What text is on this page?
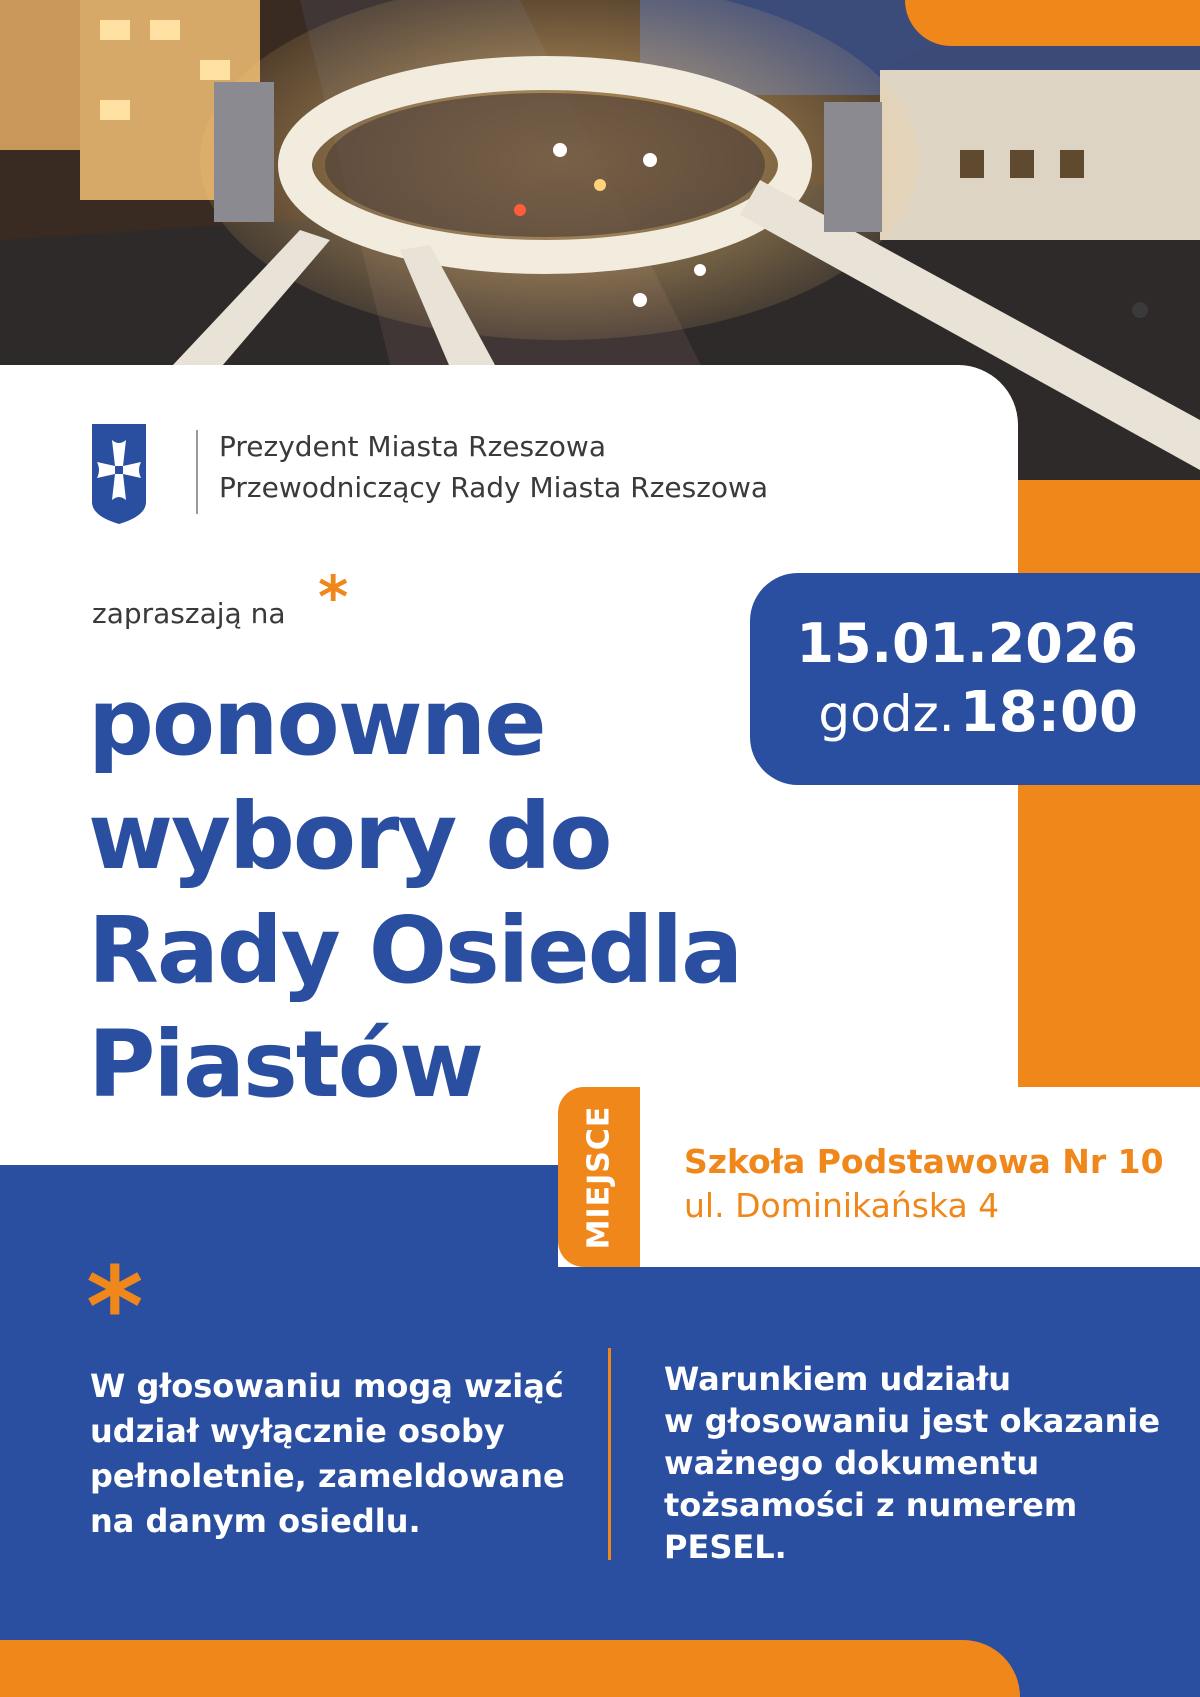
Prezydent Miasta Rzeszowa
Przewodniczący Rady Miasta Rzeszowa
zapraszają na *
ponowne
wybory do
Rady Osiedla
Piastów
15.01.2026
godz. 18:00
MIEJSCE Szkoła Podstawowa Nr 10
ul. Dominikańska 4
*
W głosowaniu mogą wziąć
udział wyłącznie osoby
pełnoletnie, zameldowane
na danym osiedlu.
Warunkiem udziału
w głosowaniu jest okazanie
ważnego dokumentu
tożsamości z numerem
PESEL.
